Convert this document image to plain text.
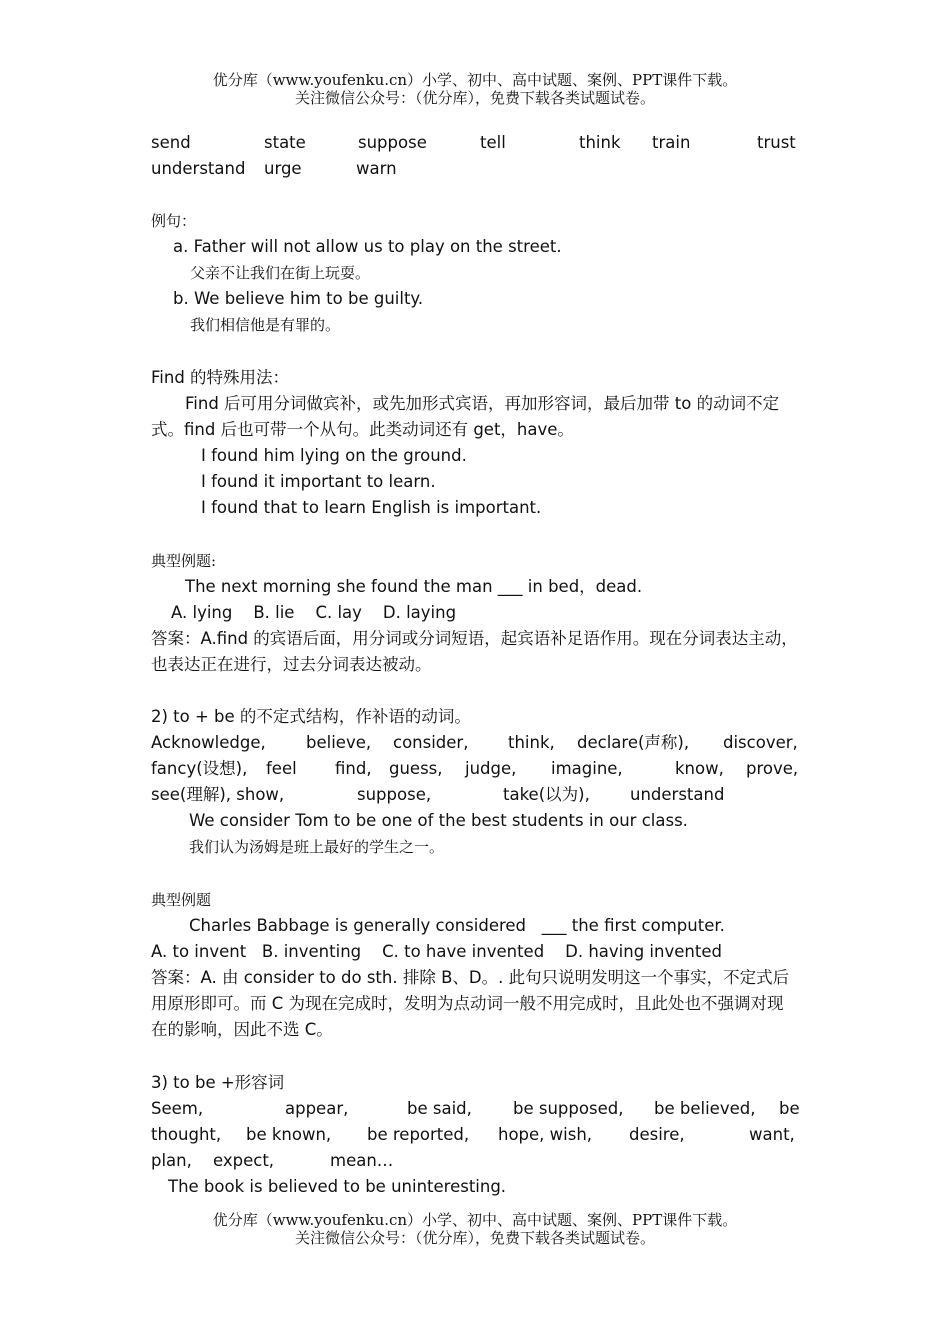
优分库（www.youfenku.cn）小学、初中、高中试题、案例、PPT课件下载。
关注微信公众号：（优分库），免费下载各类试题试卷。
send	state	suppose	tell	think train	trust
understand urge	warn
例句：
a. Father will not allow us to play on the street.
父亲不让我们在街上玩耍。
b. We believe him to be guilty.
我们相信他是有罪的。
Find 的特殊用法：
Find 后可用分词做宾补，或先加形式宾语，再加形容词，最后加带 to 的动词不定
式。find 后也可带一个从句。此类动词还有 get，have。
I found him lying on the ground.
I found it important to learn.
I found that to learn English is important.
典型例题:
The next morning she found the man ___ in bed，dead.
A. lying    B. lie    C. lay    D. laying
答案：A.find 的宾语后面，用分词或分词短语，起宾语补足语作用。现在分词表达主动，
也表达正在进行，过去分词表达被动。
2) to + be 的不定式结构，作补语的动词。
Acknowledge, believe, consider, think, declare(声称), discover,
fancy(设想), feel find, guess, judge, imagine,	know, prove,
see(理解), show,	suppose,	take(以为), understand
We consider Tom to be one of the best students in our class.
我们认为汤姆是班上最好的学生之一。
典型例题
Charles Babbage is generally considered   ___ the first computer.
A. to invent   B. inventing    C. to have invented    D. having invented
答案：A. 由 consider to do sth. 排除 B、D。. 此句只说明发明这一个事实，不定式后
用原形即可。而 C 为现在完成时，发明为点动词一般不用完成时，且此处也不强调对现
在的影响，因此不选 C。
3) to be +形容词
Seem,	appear,	be said, be supposed, be believed, be
thought, be known, be reported, hope, wish, desire,	want,
plan, expect,	mean…
The book is believed to be uninteresting.
优分库（www.youfenku.cn）小学、初中、高中试题、案例、PPT课件下载。
关注微信公众号：（优分库），免费下载各类试题试卷。
